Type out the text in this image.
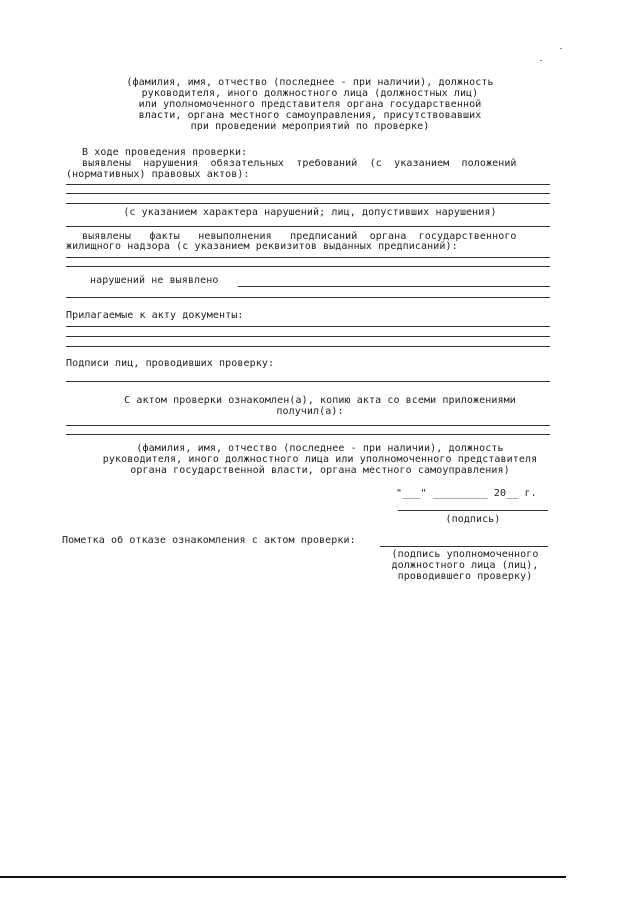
(фамилия, имя, отчество (последнее - при наличии), должность
руководителя, иного должностного лица (должностных лиц)
или уполномоченного представителя органа государственной
власти, органа местного самоуправления, присутствовавших
при проведении мероприятий по проверке)
В ходе проведения проверки:
выявлены  нарушения  обязательных  требований  (с  указанием  положений
(нормативных) правовых актов):
(с указанием характера нарушений; лиц, допустивших нарушения)
выявлены   факты   невыполнения   предписаний  органа  государственного
жилищного надзора (с указанием реквизитов выданных предписаний):
нарушений не выявлено
Прилагаемые к акту документы:
Подписи лиц, проводивших проверку:
С актом проверки ознакомлен(а), копию акта со всеми приложениями
получил(а):
(фамилия, имя, отчество (последнее - при наличии), должность
руководителя, иного должностного лица или уполномоченного представителя
органа государственной власти, органа местного самоуправления)
"___" _________ 20__ г.
(подпись)
Пометка об отказе ознакомления с актом проверки:
(подпись уполномоченного
должностного лица (лиц),
проводившего проверку)
